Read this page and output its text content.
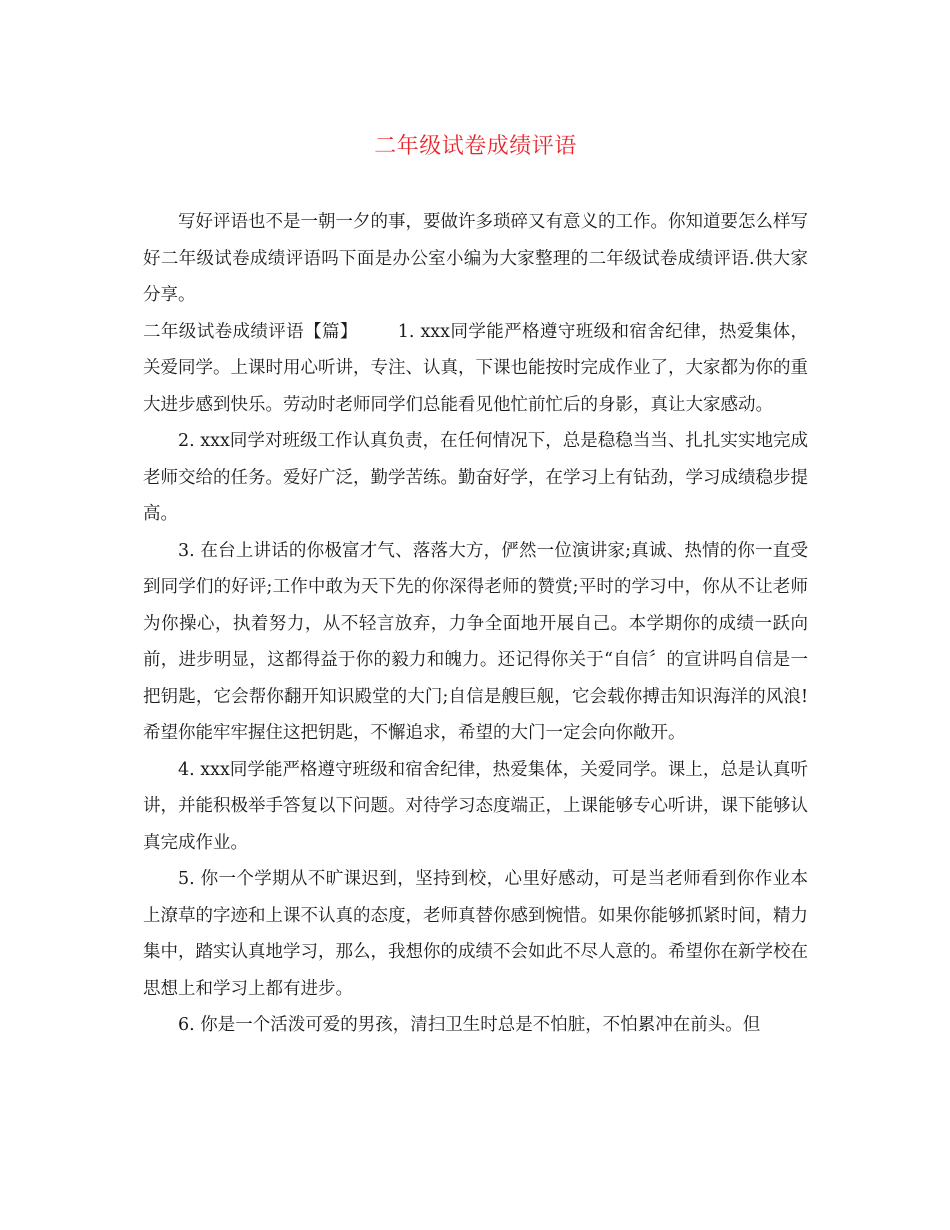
二年级试卷成绩评语

写好评语也不是一朝一夕的事，要做许多琐碎又有意义的工作。你知道要怎么样写好二年级试卷成绩评语吗下面是办公室小编为大家整理的二年级试卷成绩评语.供大家分享。

二年级试卷成绩评语【篇】 1. xxx同学能严格遵守班级和宿舍纪律，热爱集体，关爱同学。上课时用心听讲，专注、认真，下课也能按时完成作业了，大家都为你的重大进步感到快乐。劳动时老师同学们总能看见他忙前忙后的身影，真让大家感动。

2. xxx同学对班级工作认真负责，在任何情况下，总是稳稳当当、扎扎实实地完成老师交给的任务。爱好广泛，勤学苦练。勤奋好学，在学习上有钻劲，学习成绩稳步提高。

3. 在台上讲话的你极富才气、落落大方，俨然一位演讲家;真诚、热情的你一直受到同学们的好评;工作中敢为天下先的你深得老师的赞赏;平时的学习中，你从不让老师为你操心，执着努力，从不轻言放弃，力争全面地开展自己。本学期你的成绩一跃向前，进步明显，这都得益于你的毅力和魄力。还记得你关于“自信〞的宣讲吗自信是一把钥匙，它会帮你翻开知识殿堂的大门;自信是艘巨舰，它会载你搏击知识海洋的风浪!希望你能牢牢握住这把钥匙，不懈追求，希望的大门一定会向你敞开。

4. xxx同学能严格遵守班级和宿舍纪律，热爱集体，关爱同学。课上，总是认真听讲，并能积极举手答复以下问题。对待学习态度端正，上课能够专心听讲，课下能够认真完成作业。

5. 你一个学期从不旷课迟到，坚持到校，心里好感动，可是当老师看到你作业本上潦草的字迹和上课不认真的态度，老师真替你感到惋惜。如果你能够抓紧时间，精力集中，踏实认真地学习，那么，我想你的成绩不会如此不尽人意的。希望你在新学校在思想上和学习上都有进步。

6. 你是一个活泼可爱的男孩，清扫卫生时总是不怕脏，不怕累冲在前头。但
